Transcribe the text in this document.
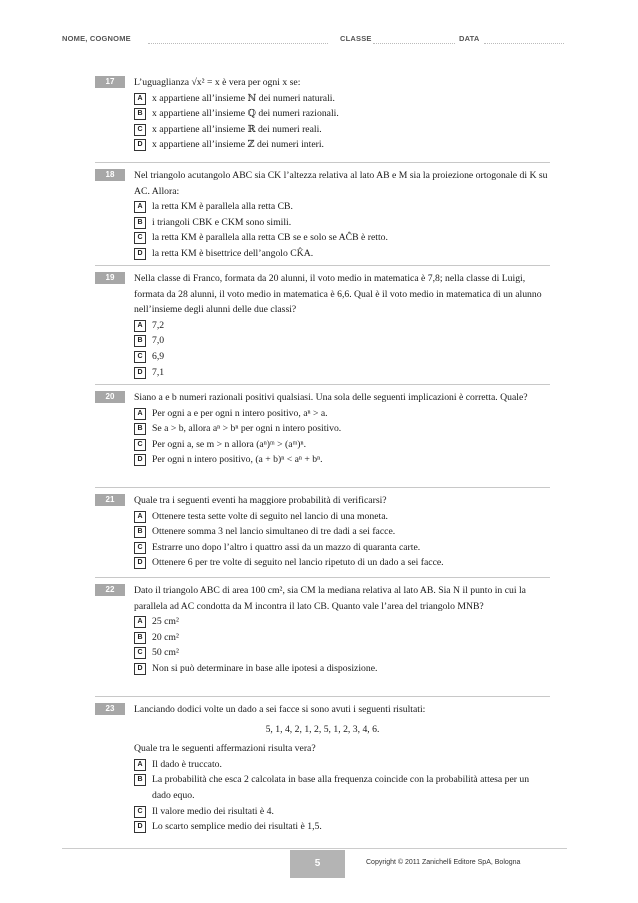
NOME, COGNOME	CLASSE	DATA
17	L’uguaglianza √x² = x è vera per ogni x se:
A x appartiene all’insieme ℕ dei numeri naturali.
B x appartiene all’insieme ℚ dei numeri razionali.
C x appartiene all’insieme ℝ dei numeri reali.
D x appartiene all’insieme ℤ dei numeri interi.
18	Nel triangolo acutangolo ABC sia CK l’altezza relativa al lato AB e M sia la proiezione ortogonale di K su AC. Allora:
A la retta KM è parallela alla retta CB.
B i triangoli CBK e CKM sono simili.
C la retta KM è parallela alla retta CB se e solo se AĈB è retto.
D la retta KM è bisettrice dell’angolo CK̂A.
19	Nella classe di Franco, formata da 20 alunni, il voto medio in matematica è 7,8; nella classe di Luigi, formata da 28 alunni, il voto medio in matematica è 6,6. Qual è il voto medio in matematica di un alunno nell’insieme degli alunni delle due classi?
A 7,2
B 7,0
C 6,9
D 7,1
20	Siano a e b numeri razionali positivi qualsiasi. Una sola delle seguenti implicazioni è corretta. Quale?
A Per ogni a e per ogni n intero positivo, aⁿ > a.
B Se a > b, allora aⁿ > bⁿ per ogni n intero positivo.
C Per ogni a, se m > n allora (aⁿ)ᵐ > (aᵐ)ⁿ.
D Per ogni n intero positivo, (a + b)ⁿ < aⁿ + bⁿ.
21	Quale tra i seguenti eventi ha maggiore probabilità di verificarsi?
A Ottenere testa sette volte di seguito nel lancio di una moneta.
B Ottenere somma 3 nel lancio simultaneo di tre dadi a sei facce.
C Estrarre uno dopo l’altro i quattro assi da un mazzo di quaranta carte.
D Ottenere 6 per tre volte di seguito nel lancio ripetuto di un dado a sei facce.
22	Dato il triangolo ABC di area 100 cm², sia CM la mediana relativa al lato AB. Sia N il punto in cui la parallela ad AC condotta da M incontra il lato CB. Quanto vale l’area del triangolo MNB?
A 25 cm²
B 20 cm²
C 50 cm²
D Non si può determinare in base alle ipotesi a disposizione.
23	Lanciando dodici volte un dado a sei facce si sono avuti i seguenti risultati:
5, 1, 4, 2, 1, 2, 5, 1, 2, 3, 4, 6.
Quale tra le seguenti affermazioni risulta vera?
A Il dado è truccato.
B La probabilità che esca 2 calcolata in base alla frequenza coincide con la probabilità attesa per un dado equo.
C Il valore medio dei risultati è 4.
D Lo scarto semplice medio dei risultati è 1,5.
5	Copyright © 2011 Zanichelli Editore SpA, Bologna
